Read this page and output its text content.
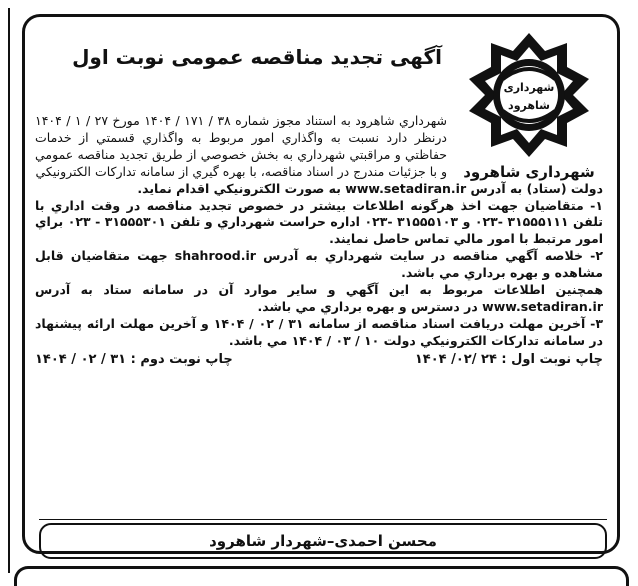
شهرداری
شاهرود
شهرداری شاهرود
آگهی تجدید مناقصه عمومی نوبت اول

شهرداري شاهرود به استناد مجوز شماره ۳۸ / ۱۷۱ / ۱۴۰۴ مورخ ۲۷ / ۱ / ۱۴۰۴ درنظر دارد نسبت به واگذاري امور مربوط به واگذاري قسمتي از خدمات حفاظتي و مراقبتي شهرداري به بخش خصوصي از طريق تجديد مناقصه عمومي و با جزئيات مندرج در اسناد مناقصه، با بهره گيري از سامانه تدارکات الکترونيکي

دولت (ستاد) به آدرس www.setadiran.ir به صورت الکترونيکي اقدام نمايد.

۱- متقاضيان جهت اخذ هرگونه اطلاعات بيشتر در خصوص تجديد مناقصه در وقت اداري با تلفن ۳۱۵۵۵۱۱۱ -۰۲۳ و ۳۱۵۵۵۱۰۳ -۰۲۳ اداره حراست شهرداري و تلفن ۳۱۵۵۵۳۰۱ - ۰۲۳ براي امور مرتبط با امور مالي تماس حاصل نمايند.

۲- خلاصه آگهي مناقصه در سايت شهرداري به آدرس shahrood.ir جهت متقاضيان قابل مشاهده و بهره برداري مي باشد.

همچنين اطلاعات مربوط به اين آگهي و ساير موارد آن در سامانه ستاد به آدرس www.setadiran.ir در دسترس و بهره برداري مي باشد.

۳- آخرين مهلت دريافت اسناد مناقصه از سامانه ۳۱ / ۰۲ / ۱۴۰۴ و آخرين مهلت ارائه پيشنهاد در سامانه تدارکات الکترونيکي دولت ۱۰ / ۰۳ / ۱۴۰۴ مي باشد.

چاپ نوبت اول : ۲۴ /۰۲/ ۱۴۰۴
چاپ نوبت دوم : ۳۱ / ۰۲ / ۱۴۰۴
محسن احمدی–شهردار شاهرود
